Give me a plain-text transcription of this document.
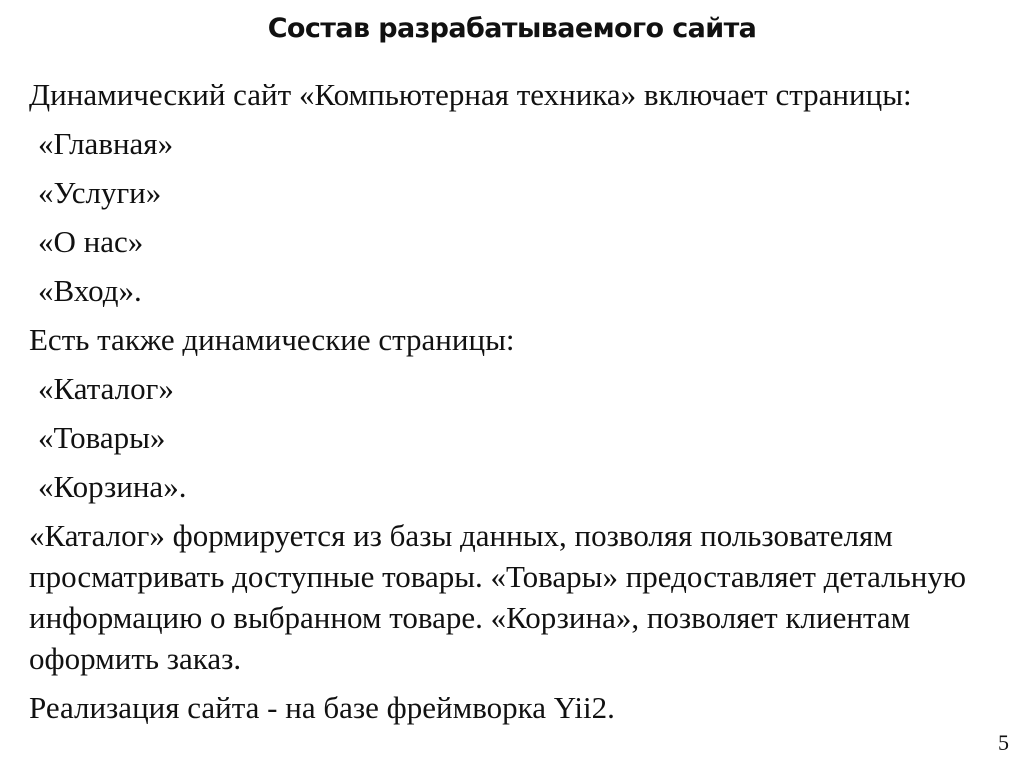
Состав разрабатываемого сайта
Динамический сайт «Компьютерная техника» включает страницы:
«Главная»
«Услуги»
«О нас»
«Вход».
Есть также динамические страницы:
«Каталог»
«Товары»
«Корзина».
«Каталог» формируется из базы данных, позволяя пользователям просматривать доступные товары. «Товары» предоставляет детальную информацию о выбранном товаре. «Корзина», позволяет клиентам оформить заказ.
Реализация сайта - на базе фреймворка Yii2.
5
